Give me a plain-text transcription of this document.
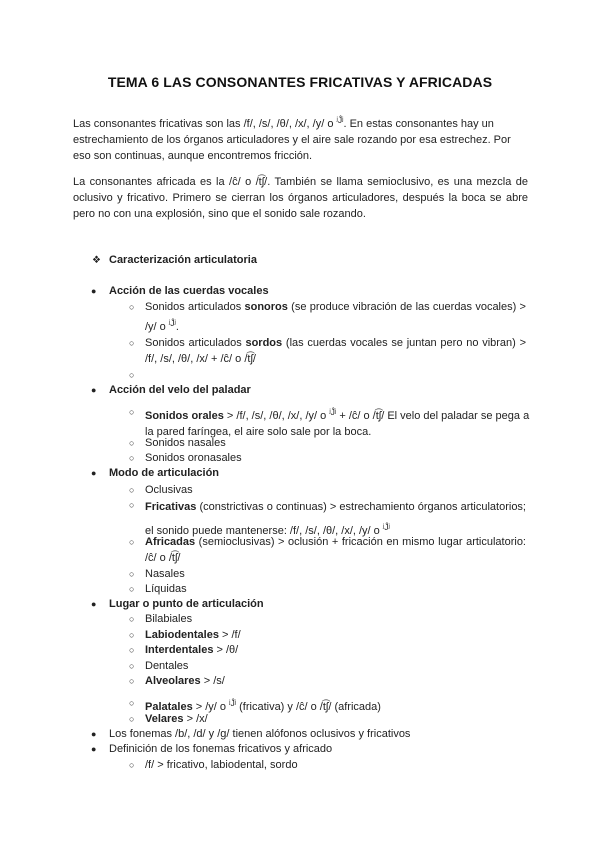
TEMA 6 LAS CONSONANTES FRICATIVAS Y AFRICADAS

Las consonantes fricativas son las /f/, /s/, /θ/, /x/, /y/ o $^{ʲĴʲ}$. En estas consonantes hay un estrechamiento de los órganos articuladores y el aire sale rozando por esa estrechez. Por eso son continuas, aunque encontremos fricción.

La consonantes africada es la /ĉ/ o /t͡ʃ/. También se llama semioclusivo, es una mezcla de oclusivo y fricativo. Primero se cierran los órganos articuladores, después la boca se abre pero no con una explosión, sino que el sonido sale rozando.

❖ Caracterización articulatoria
● Acción de las cuerdas vocales
○ Sonidos articulados sonoros (se produce vibración de las cuerdas vocales) > /y/ o $^{ʲĴʲ}$.
○ Sonidos articulados sordos (las cuerdas vocales se juntan pero no vibran) > /f/, /s/, /θ/, /x/ + /ĉ/ o /t͡ʃ/
○
● Acción del velo del paladar
○ Sonidos orales > /f/, /s/, /θ/, /x/, /y/ o $^{ʲĴʲ}$ + /ĉ/ o /t͡ʃ/ El velo del paladar se pega a la pared faríngea, el aire solo sale por la boca.
○ Sonidos nasales
○ Sonidos oronasales
● Modo de articulación
○ Oclusivas
○ Fricativas (constrictivas o continuas) > estrechamiento órganos articulatorios; el sonido puede mantenerse: /f/, /s/, /θ/, /x/, /y/ o $^{ʲĴʲ}$
○ Africadas (semioclusivas) > oclusión + fricación en mismo lugar articulatorio: /ĉ/ o /t͡ʃ/
○ Nasales
○ Líquidas
● Lugar o punto de articulación
○ Bilabiales
○ Labiodentales > /f/
○ Interdentales > /θ/
○ Dentales
○ Alveolares > /s/
○ Palatales > /y/ o $^{ʲĴʲ}$ (fricativa) y /ĉ/ o /t͡ʃ/ (africada)
○ Velares > /x/
● Los fonemas /b/, /d/ y /g/ tienen alófonos oclusivos y fricativos
● Definición de los fonemas fricativos y africado
○ /f/ > fricativo, labiodental, sordo
